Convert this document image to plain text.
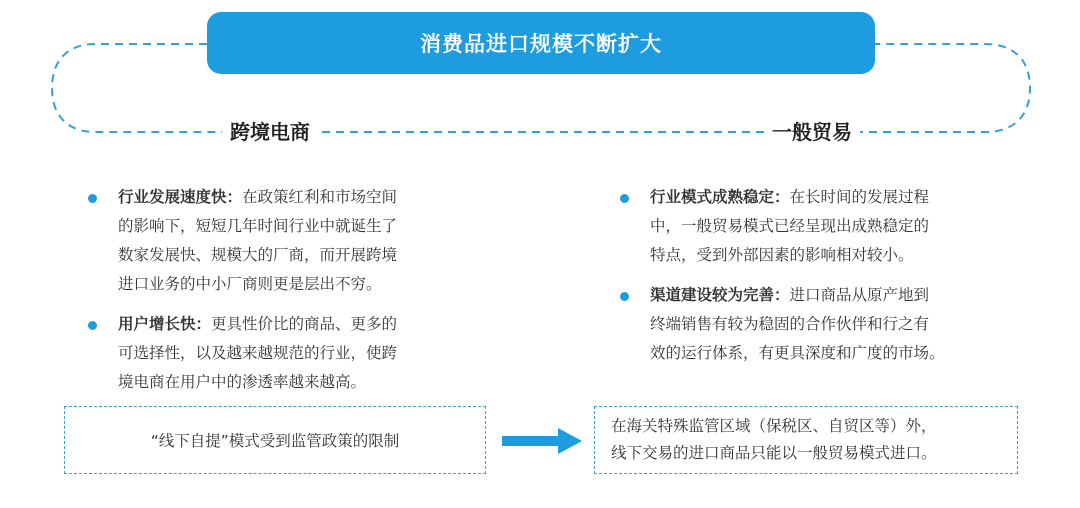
消费品进口规模不断扩大
跨境电商	一般贸易
行业发展速度快：在政策红利和市场空间
的影响下，短短几年时间行业中就诞生了
数家发展快、规模大的厂商，而开展跨境
进口业务的中小厂商则更是层出不穷。
用户增长快：更具性价比的商品、更多的
可选择性，以及越来越规范的行业，使跨
境电商在用户中的渗透率越来越高。
行业模式成熟稳定：在长时间的发展过程
中，一般贸易模式已经呈现出成熟稳定的
特点，受到外部因素的影响相对较小。
渠道建设较为完善：进口商品从原产地到
终端销售有较为稳固的合作伙伴和行之有
效的运行体系，有更具深度和广度的市场。
“线下自提”模式受到监管政策的限制
在海关特殊监管区域（保税区、自贸区等）外，
线下交易的进口商品只能以一般贸易模式进口。
